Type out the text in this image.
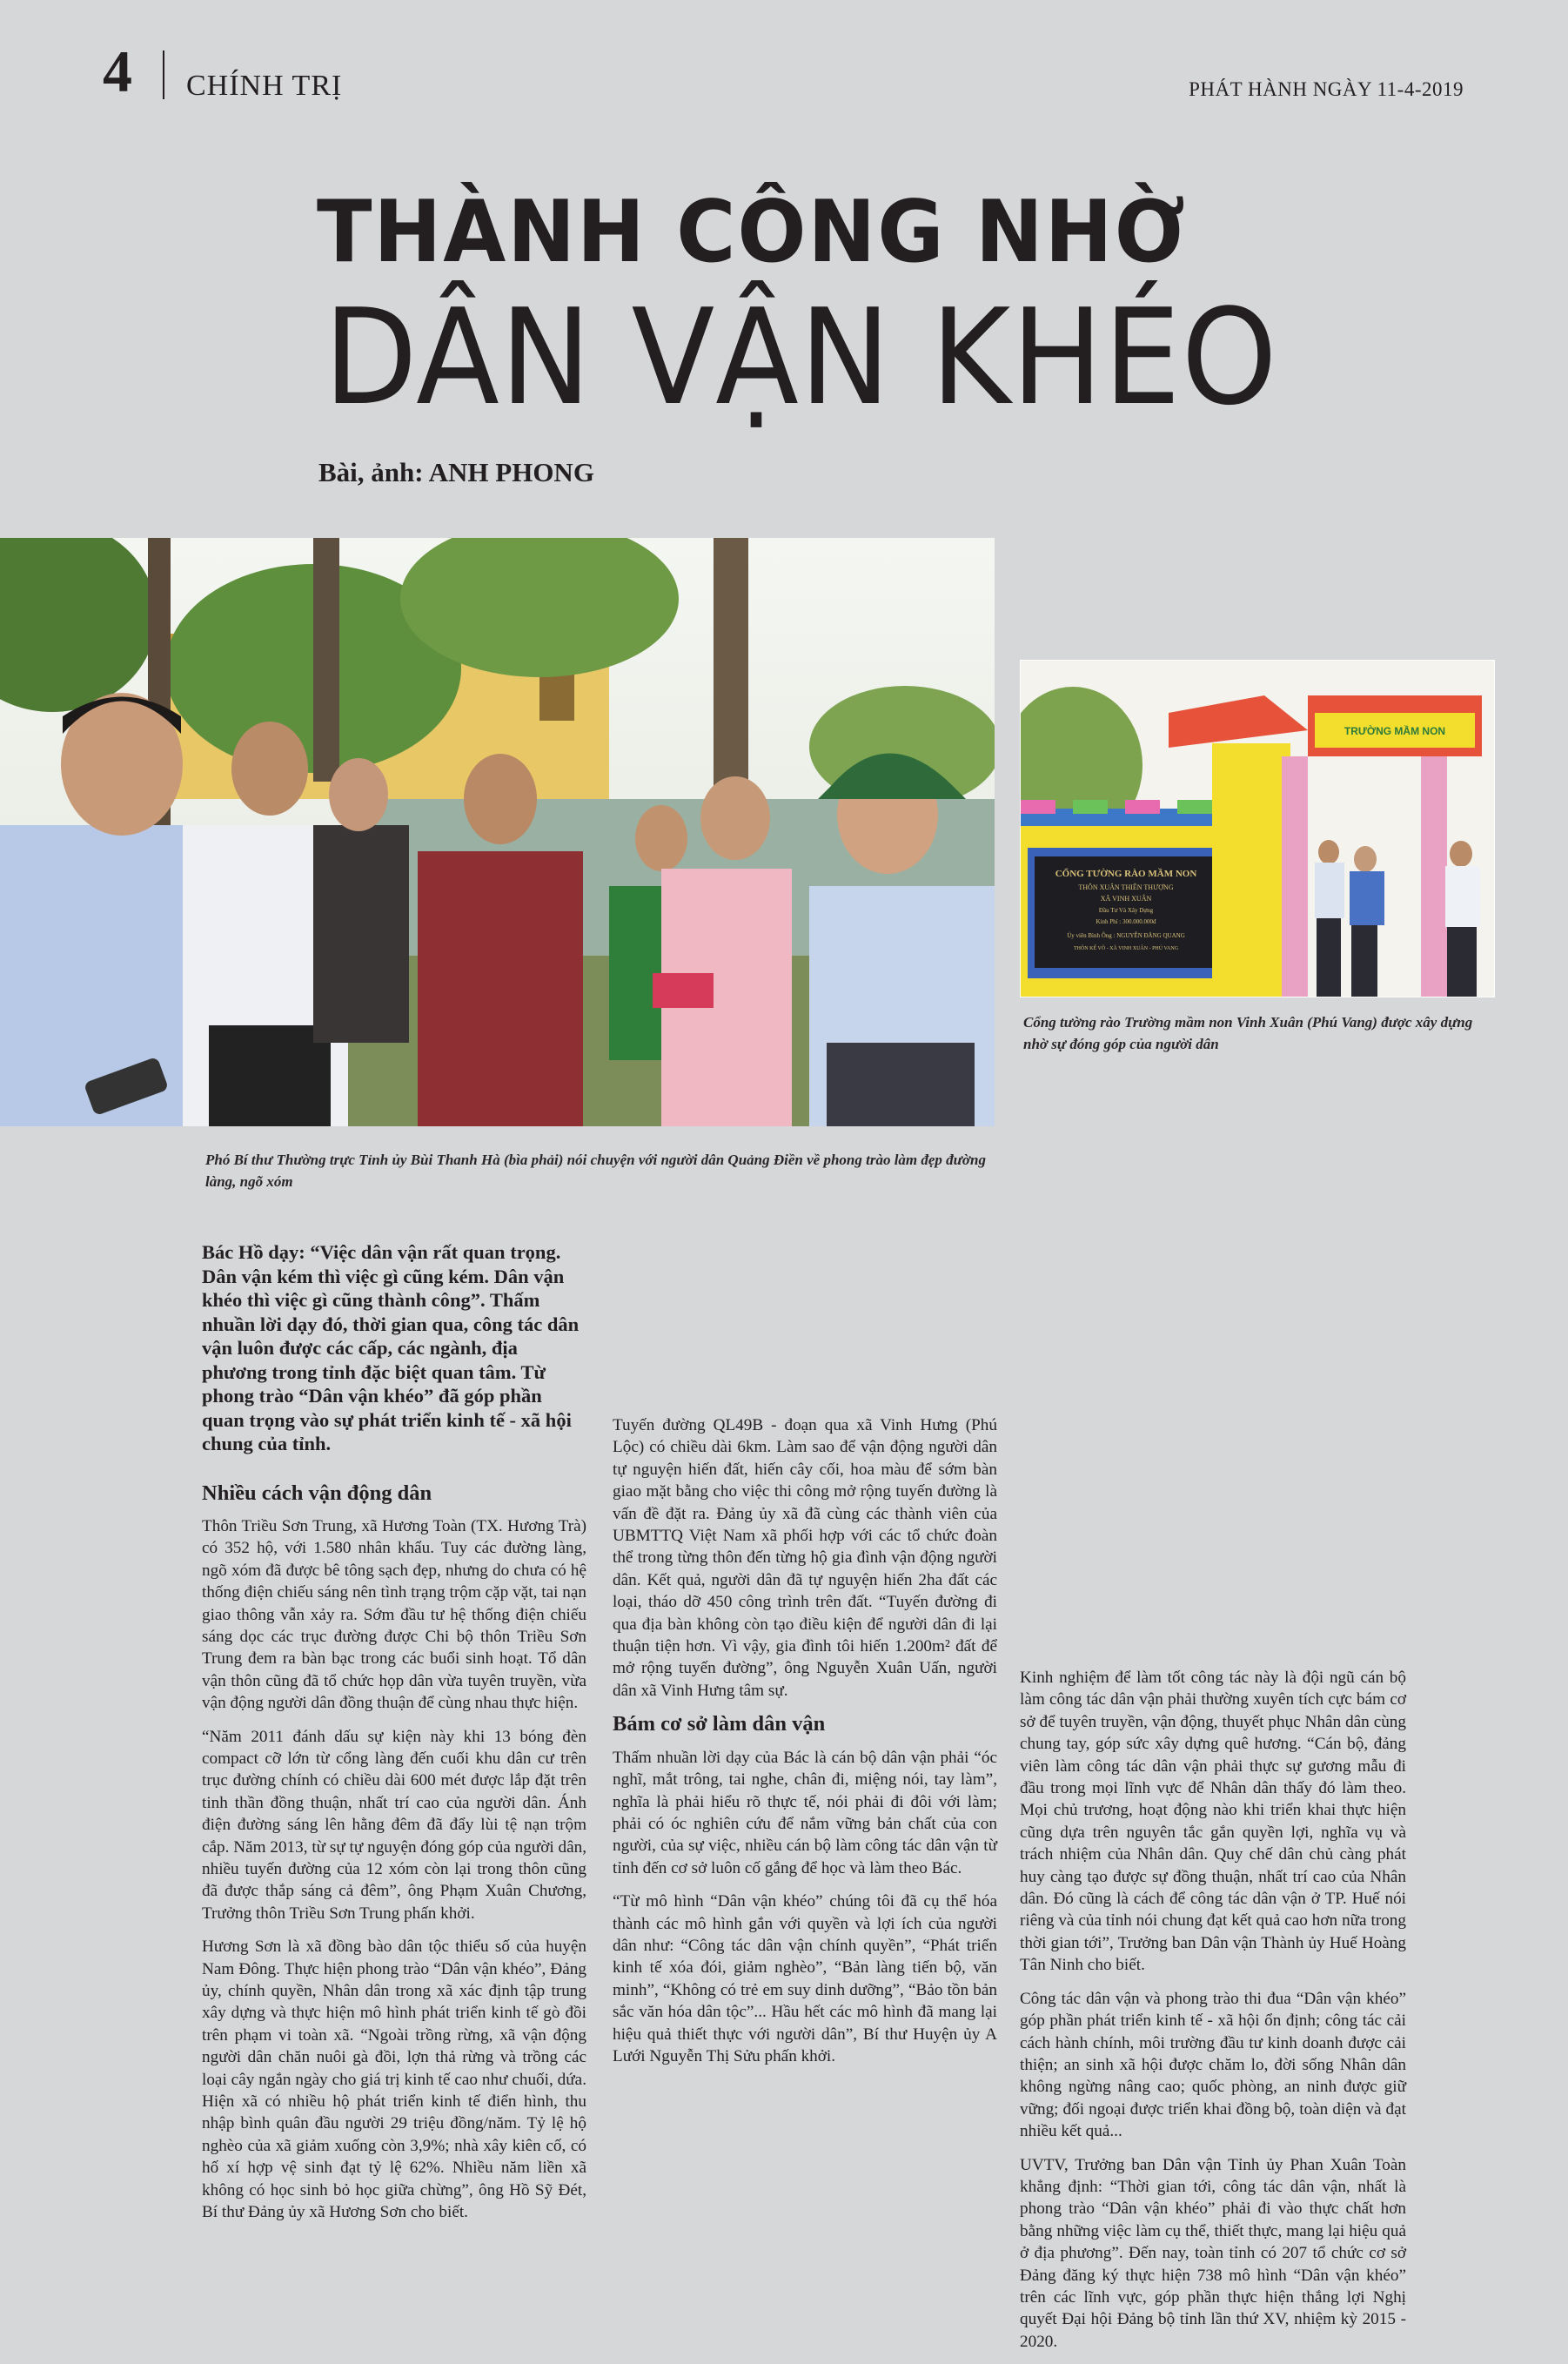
4 CHÍNH TRỊ	PHÁT HÀNH NGÀY 11-4-2019
THÀNH CÔNG NHỜ
DÂN VẬN KHÉO
Bài, ảnh: ANH PHONG
CỔNG TƯỜNG RÀO MẦM NON
THÔN XUÂN THIÊN THƯỢNG
XÃ VINH XUÂN
Đầu Tư Và Xây Dựng
Kinh Phí : 300.000.000đ
Ủy viên Bình Ông : NGUYỄN ĐĂNG QUANG
THÔN KẾ VÕ - XÃ VINH XUÂN - PHÚ VANG
TRƯỜNG MẦM NON
Phó Bí thư Thường trực Tỉnh ủy Bùi Thanh Hà (bìa phải) nói chuyện với người dân Quảng Điền về phong trào làm đẹp đường làng, ngõ xóm
Cổng tường rào Trường mầm non Vinh Xuân (Phú Vang) được xây dựng nhờ sự đóng góp của người dân

Bác Hồ dạy: “Việc dân vận rất quan trọng. Dân vận kém thì việc gì cũng kém. Dân vận khéo thì việc gì cũng thành công”. Thấm nhuần lời dạy đó, thời gian qua, công tác dân vận luôn được các cấp, các ngành, địa phương trong tỉnh đặc biệt quan tâm. Từ phong trào “Dân vận khéo” đã góp phần quan trọng vào sự phát triển kinh tế - xã hội chung của tỉnh.

Nhiều cách vận động dân

Thôn Triều Sơn Trung, xã Hương Toàn (TX. Hương Trà) có 352 hộ, với 1.580 nhân khẩu. Tuy các đường làng, ngõ xóm đã được bê tông sạch đẹp, nhưng do chưa có hệ thống điện chiếu sáng nên tình trạng trộm cặp vặt, tai nạn giao thông vẫn xảy ra. Sớm đầu tư hệ thống điện chiếu sáng dọc các trục đường được Chi bộ thôn Triều Sơn Trung đem ra bàn bạc trong các buổi sinh hoạt. Tổ dân vận thôn cũng đã tổ chức họp dân vừa tuyên truyền, vừa vận động người dân đồng thuận để cùng nhau thực hiện.

“Năm 2011 đánh dấu sự kiện này khi 13 bóng đèn compact cỡ lớn từ cổng làng đến cuối khu dân cư trên trục đường chính có chiều dài 600 mét được lắp đặt trên tinh thần đồng thuận, nhất trí cao của người dân. Ánh điện đường sáng lên hằng đêm đã đẩy lùi tệ nạn trộm cắp. Năm 2013, từ sự tự nguyện đóng góp của người dân, nhiều tuyến đường của 12 xóm còn lại trong thôn cũng đã được thắp sáng cả đêm”, ông Phạm Xuân Chương, Trưởng thôn Triều Sơn Trung phấn khởi.

Hương Sơn là xã đồng bào dân tộc thiểu số của huyện Nam Đông. Thực hiện phong trào “Dân vận khéo”, Đảng ủy, chính quyền, Nhân dân trong xã xác định tập trung xây dựng và thực hiện mô hình phát triển kinh tế gò đồi trên phạm vi toàn xã. “Ngoài trồng rừng, xã vận động người dân chăn nuôi gà đồi, lợn thả rừng và trồng các loại cây ngắn ngày cho giá trị kinh tế cao như chuối, dứa. Hiện xã có nhiều hộ phát triển kinh tế điển hình, thu nhập bình quân đầu người 29 triệu đồng/năm. Tỷ lệ hộ nghèo của xã giảm xuống còn 3,9%; nhà xây kiên cố, có hố xí hợp vệ sinh đạt tỷ lệ 62%. Nhiều năm liền xã không có học sinh bỏ học giữa chừng”, ông Hồ Sỹ Đét, Bí thư Đảng ủy xã Hương Sơn cho biết.

Tuyến đường QL49B - đoạn qua xã Vinh Hưng (Phú Lộc) có chiều dài 6km. Làm sao để vận động người dân tự nguyện hiến đất, hiến cây cối, hoa màu để sớm bàn giao mặt bằng cho việc thi công mở rộng tuyến đường là vấn đề đặt ra. Đảng ủy xã đã cùng các thành viên của UBMTTQ Việt Nam xã phối hợp với các tổ chức đoàn thể trong từng thôn đến từng hộ gia đình vận động người dân. Kết quả, người dân đã tự nguyện hiến 2ha đất các loại, tháo dỡ 450 công trình trên đất. “Tuyến đường đi qua địa bàn không còn tạo điều kiện để người dân đi lại thuận tiện hơn. Vì vậy, gia đình tôi hiến 1.200m² đất để mở rộng tuyến đường”, ông Nguyễn Xuân Uấn, người dân xã Vinh Hưng tâm sự.

Bám cơ sở làm dân vận

Thấm nhuần lời dạy của Bác là cán bộ dân vận phải “óc nghĩ, mắt trông, tai nghe, chân đi, miệng nói, tay làm”, nghĩa là phải hiểu rõ thực tế, nói phải đi đôi với làm; phải có óc nghiên cứu để nắm vững bản chất của con người, của sự việc, nhiều cán bộ làm công tác dân vận từ tỉnh đến cơ sở luôn cố gắng để học và làm theo Bác.

“Từ mô hình “Dân vận khéo” chúng tôi đã cụ thể hóa thành các mô hình gắn với quyền và lợi ích của người dân như: “Công tác dân vận chính quyền”, “Phát triển kinh tế xóa đói, giảm nghèo”, “Bản làng tiến bộ, văn minh”, “Không có trẻ em suy dinh dưỡng”, “Bảo tồn bản sắc văn hóa dân tộc”... Hầu hết các mô hình đã mang lại hiệu quả thiết thực với người dân”, Bí thư Huyện ủy A Lưới Nguyễn Thị Sửu phấn khởi.

Kinh nghiệm để làm tốt công tác này là đội ngũ cán bộ làm công tác dân vận phải thường xuyên tích cực bám cơ sở để tuyên truyền, vận động, thuyết phục Nhân dân cùng chung tay, góp sức xây dựng quê hương. “Cán bộ, đảng viên làm công tác dân vận phải thực sự gương mẫu đi đầu trong mọi lĩnh vực để Nhân dân thấy đó làm theo. Mọi chủ trương, hoạt động nào khi triển khai thực hiện cũng dựa trên nguyên tắc gắn quyền lợi, nghĩa vụ và trách nhiệm của Nhân dân. Quy chế dân chủ càng phát huy càng tạo được sự đồng thuận, nhất trí cao của Nhân dân. Đó cũng là cách để công tác dân vận ở TP. Huế nói riêng và của tỉnh nói chung đạt kết quả cao hơn nữa trong thời gian tới”, Trưởng ban Dân vận Thành ủy Huế Hoàng Tân Ninh cho biết.

Công tác dân vận và phong trào thi đua “Dân vận khéo” góp phần phát triển kinh tế - xã hội ổn định; công tác cải cách hành chính, môi trường đầu tư kinh doanh được cải thiện; an sinh xã hội được chăm lo, đời sống Nhân dân không ngừng nâng cao; quốc phòng, an ninh được giữ vững; đối ngoại được triển khai đồng bộ, toàn diện và đạt nhiều kết quả...

UVTV, Trưởng ban Dân vận Tỉnh ủy Phan Xuân Toàn khẳng định: “Thời gian tới, công tác dân vận, nhất là phong trào “Dân vận khéo” phải đi vào thực chất hơn bằng những việc làm cụ thể, thiết thực, mang lại hiệu quả ở địa phương”. Đến nay, toàn tỉnh có 207 tổ chức cơ sở Đảng đăng ký thực hiện 738 mô hình “Dân vận khéo” trên các lĩnh vực, góp phần thực hiện thắng lợi Nghị quyết Đại hội Đảng bộ tỉnh lần thứ XV, nhiệm kỳ 2015 - 2020.
